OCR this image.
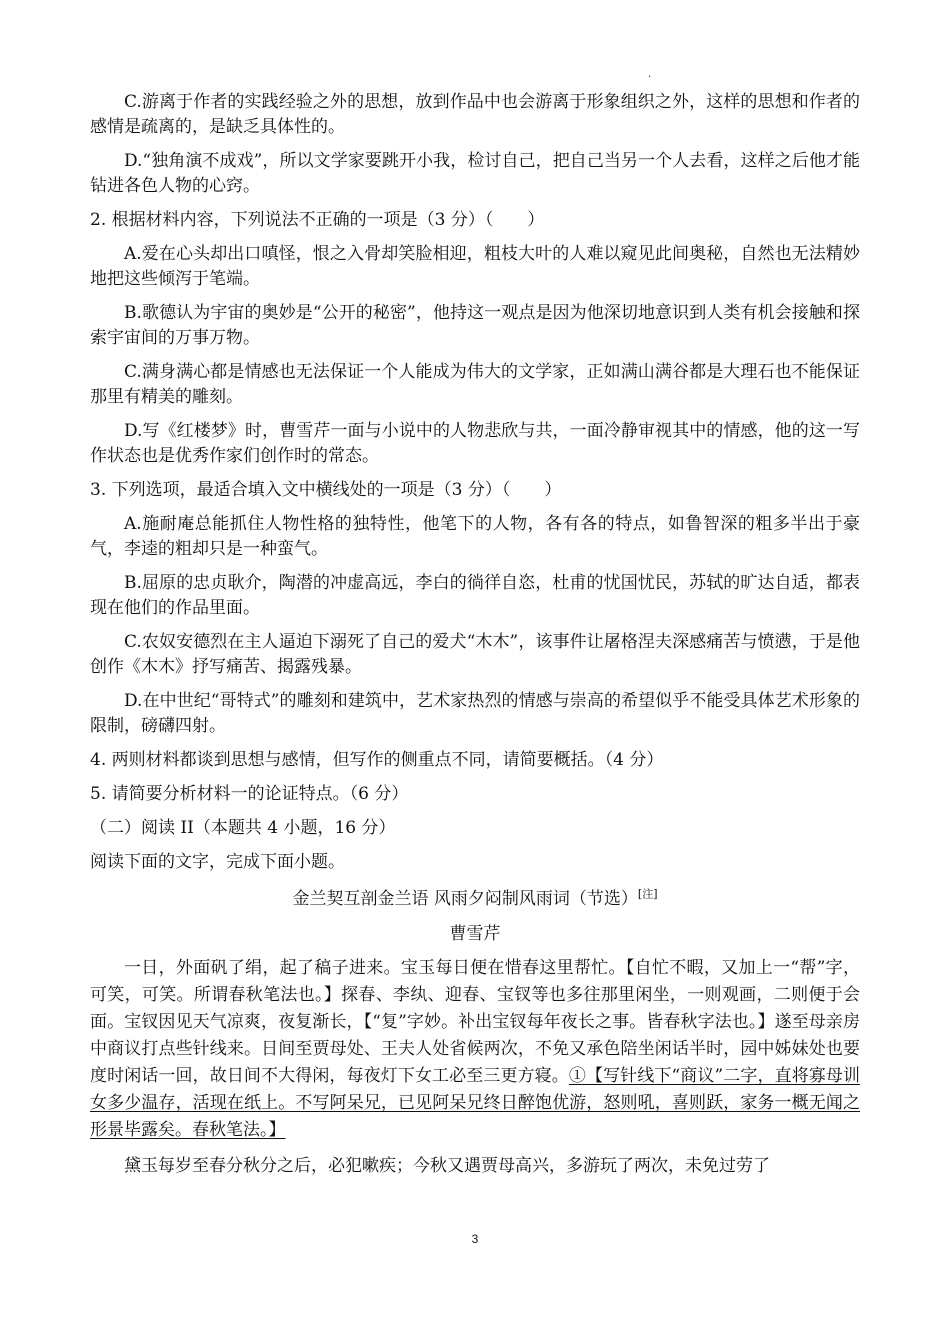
.

C.游离于作者的实践经验之外的思想，放到作品中也会游离于形象组织之外，这样的思想和作者的感情是疏离的，是缺乏具体性的。

D.“独角演不成戏”，所以文学家要跳开小我，检讨自己，把自己当另一个人去看，这样之后他才能钻进各色人物的心窍。

2. 根据材料内容，下列说法不正确的一项是（3 分）（　　）

A.爱在心头却出口嗔怪，恨之入骨却笑脸相迎，粗枝大叶的人难以窥见此间奥秘，自然也无法精妙地把这些倾泻于笔端。

B.歌德认为宇宙的奥妙是“公开的秘密”，他持这一观点是因为他深切地意识到人类有机会接触和探索宇宙间的万事万物。

C.满身满心都是情感也无法保证一个人能成为伟大的文学家，正如满山满谷都是大理石也不能保证那里有精美的雕刻。

D.写《红楼梦》时，曹雪芹一面与小说中的人物悲欣与共，一面冷静审视其中的情感，他的这一写作状态也是优秀作家们创作时的常态。

3. 下列选项，最适合填入文中横线处的一项是（3 分）（　　）

A.施耐庵总能抓住人物性格的独特性，他笔下的人物，各有各的特点，如鲁智深的粗多半出于豪气，李逵的粗却只是一种蛮气。

B.屈原的忠贞耿介，陶潜的冲虚高远，李白的徜徉自恣，杜甫的忧国忧民，苏轼的旷达自适，都表现在他们的作品里面。

C.农奴安德烈在主人逼迫下溺死了自己的爱犬“木木”，该事件让屠格涅夫深感痛苦与愤懑，于是他创作《木木》抒写痛苦、揭露残暴。

D.在中世纪“哥特式”的雕刻和建筑中，艺术家热烈的情感与崇高的希望似乎不能受具体艺术形象的限制，磅礴四射。

4. 两则材料都谈到思想与感情，但写作的侧重点不同，请简要概括。（4 分）

5. 请简要分析材料一的论证特点。（6 分）

（二）阅读 II（本题共 4 小题，16 分）

阅读下面的文字，完成下面小题。

金兰契互剖金兰语 风雨夕闷制风雨词（节选）[注]

曹雪芹

一日，外面矾了绢，起了稿子进来。宝玉每日便在惜春这里帮忙。【自忙不暇，又加上一“帮”字，可笑，可笑。所谓春秋笔法也。】探春、李纨、迎春、宝钗等也多往那里闲坐，一则观画，二则便于会面。宝钗因见天气凉爽，夜复渐长，【“复”字妙。补出宝钗每年夜长之事。皆春秋字法也。】遂至母亲房中商议打点些针线来。日间至贾母处、王夫人处省候两次，不免又承色陪坐闲话半时，园中姊妹处也要度时闲话一回，故日间不大得闲，每夜灯下女工必至三更方寝。①【写针线下“商议”二字，直将寡母训女多少温存，活现在纸上。不写阿呆兄，已见阿呆兄终日醉饱优游，怒则吼，喜则跃，家务一概无闻之形景毕露矣。春秋笔法。】

黛玉每岁至春分秋分之后，必犯嗽疾；今秋又遇贾母高兴，多游玩了两次，未免过劳了

3
